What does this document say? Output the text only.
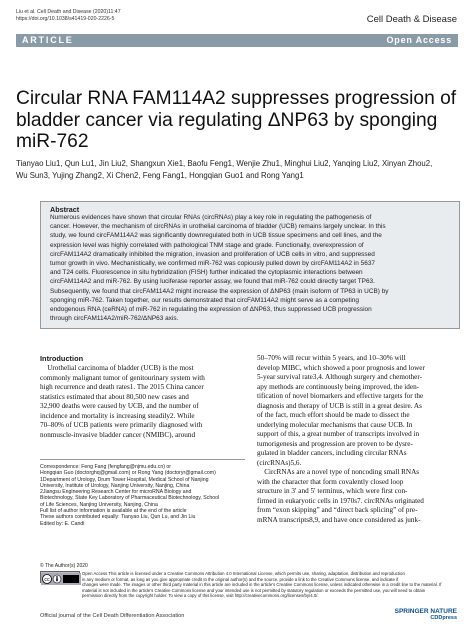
Liu et al. Cell Death and Disease (2020)11:47
https://doi.org/10.1038/s41419-020-2226-5	Cell Death & Disease
ARTICLE	Open Access
Circular RNA FAM114A2 suppresses progression of
bladder cancer via regulating ΔNP63 by sponging
miR-762
Tianyao Liu1, Qun Lu1, Jin Liu2, Shangxun Xie1, Baofu Feng1, Wenjie Zhu1, Minghui Liu2, Yanqing Liu2, Xinyan Zhou2,
Wu Sun3, Yujing Zhang2, Xi Chen2, Feng Fang1, Hongqian Guo1 and Rong Yang1
Abstract
Numerous evidences have shown that circular RNAs (circRNAs) play a key role in regulating the pathogenesis of
cancer. However, the mechanism of circRNAs in urothelial carcinoma of bladder (UCB) remains largely unclear. In this
study, we found circFAM114A2 was significantly downregulated both in UCB tissue specimens and cell lines, and the
expression level was highly correlated with pathological TNM stage and grade. Functionally, overexpression of
circFAM114A2 dramatically inhibited the migration, invasion and proliferation of UCB cells in vitro, and suppressed
tumor growth in vivo. Mechanistically, we confirmed miR-762 was copiously pulled down by circFAM114A2 in 5637
and T24 cells. Fluorescence in situ hybridization (FISH) further indicated the cytoplasmic interactions between
circFAM114A2 and miR-762. By using luciferase reporter assay, we found that miR-762 could directly target TP63.
Subsequently, we found that circFAM114A2 might increase the expression of ΔNP63 (main isoform of TP63 in UCB) by
sponging miR-762. Taken together, our results demonstrated that circFAM114A2 might serve as a competing
endogenous RNA (ceRNA) of miR-762 in regulating the expression of ΔNP63, thus suppressed UCB progression
through circFAM114A2/miR-762/ΔNP63 axis.
Introduction
Urothelial carcinoma of bladder (UCB) is the most
commonly malignant tumor of genitourinary system with
high recurrence and death rates1. The 2015 China cancer
statistics estimated that about 80,500 new cases and
32,900 deaths were caused by UCB, and the number of
incidence and mortality is increasing steadily2. While
70–80% of UCB patients were primarily diagnosed with
nonmuscle-invasive bladder cancer (NMIBC), around
50–70% will recur within 5 years, and 10–30% will
develop MIBC, which showed a poor prognosis and lower
5-year survival rate3,4. Although surgery and chemother-
apy methods are continuously being improved, the iden-
tification of novel biomarkers and effective targets for the
diagnosis and therapy of UCB is still in a great desire. As
of the fact, much effort should be made to dissect the
underlying molecular mechanisms that cause UCB. In
support of this, a great number of transcripts involved in
tumorigenesis and progression are proven to be dysre-
gulated in bladder cancers, including circular RNAs
(circRNAs)5,6.
CircRNAs are a novel type of noncoding small RNAs
with the character that form covalently closed loop
structure in 3′ and 5′ terminus, which were first con-
firmed in eukaryotic cells in 1970s7. circRNAs originated
from “exon skipping” and “direct back splicing” of pre-
mRNA transcripts8,9, and have once considered as junk-
Correspondence: Feng Fang (fengfang@njmu.edu.cn) or
Hongqian Guo (doctorghq@gmail.com) or Rong Yang (doctoryr@gmail.com)
1Department of Urology, Drum Tower Hospital, Medical School of Nanjing
University, Institute of Urology, Nanjing University, Nanjing, China
2Jiangsu Engineering Research Center for microRNA Biology and
Biotechnology, State Key Laboratory of Pharmaceutical Biotechnology, School
of Life Sciences, Nanjing University, Nanjing, China
Full list of author information is available at the end of the article
These authors contributed equally: Tianyao Liu, Qun Lu, and Jin Liu
Edited by: E. Candi
© The Author(s) 2020
cc
Open Access This article is licensed under a Creative Commons Attribution 4.0 International License, which permits use, sharing, adaptation, distribution and reproduction
in any medium or format, as long as you give appropriate credit to the original author(s) and the source, provide a link to the Creative Commons license, and indicate if
changes were made. The images or other third party material in this article are included in the article's Creative Commons license, unless indicated otherwise in a credit line to the material. If
material is not included in the article's Creative Commons license and your intended use is not permitted by statutory regulation or exceeds the permitted use, you will need to obtain
permission directly from the copyright holder. To view a copy of this license, visit http://creativecommons.org/licenses/by/4.0/.
Official journal of the Cell Death Differentiation Association
SPRINGER NATURE
CDDpress
